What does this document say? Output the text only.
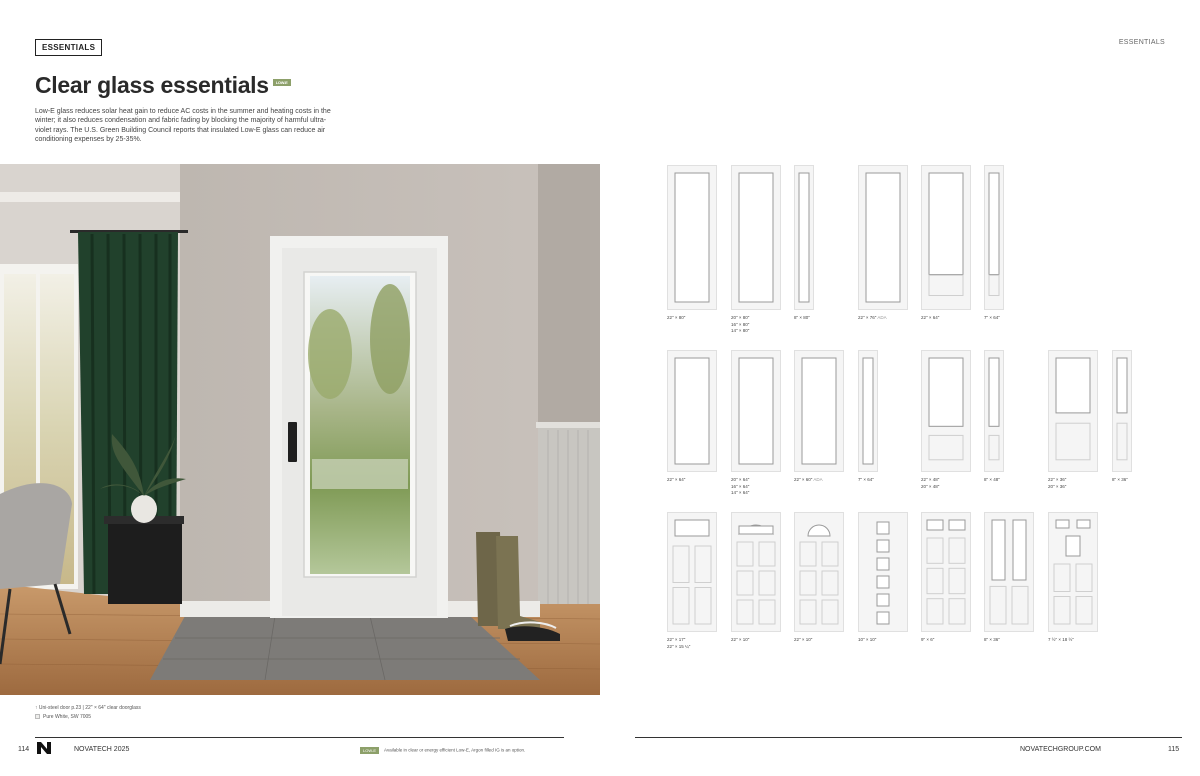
ESSENTIALS
Clear glass essentials LOW-E
Low-E glass reduces solar heat gain to reduce AC costs in the summer and heating costs in the winter; it also reduces condensation and fabric fading by blocking the majority of harmful ultra-violet rays. The U.S. Green Building Council reports that insulated Low-E glass can reduce air conditioning expenses by 25-35%.
↑ Uni-steel door p.23 | 22" × 64" clear doorglass
Pure White, SW 7005
114	NOVATECH 2025	LOW-E Available in clear or energy efficient Low-E, Argon filled IG is an option.
ESSENTIALS
22" × 80"	20" × 80"
16" × 80"
14" × 80"
8" × 80"	22" × 76" ADA	22" × 64"	7" × 64"
22" × 64"	20" × 64"
16" × 64"
14" × 64"
22" × 60" ADA	7" × 64"	22" × 48"
20" × 48"
8" × 48"	22" × 36"
20" × 36"
8" × 36"
22" × 17"
22" × 15 ¼"
22" × 10"	22" × 10"	10" × 10"	9" × 6"	8" × 36"	7 ½" × 18 ½"
NOVATECHGROUP.COM	115
